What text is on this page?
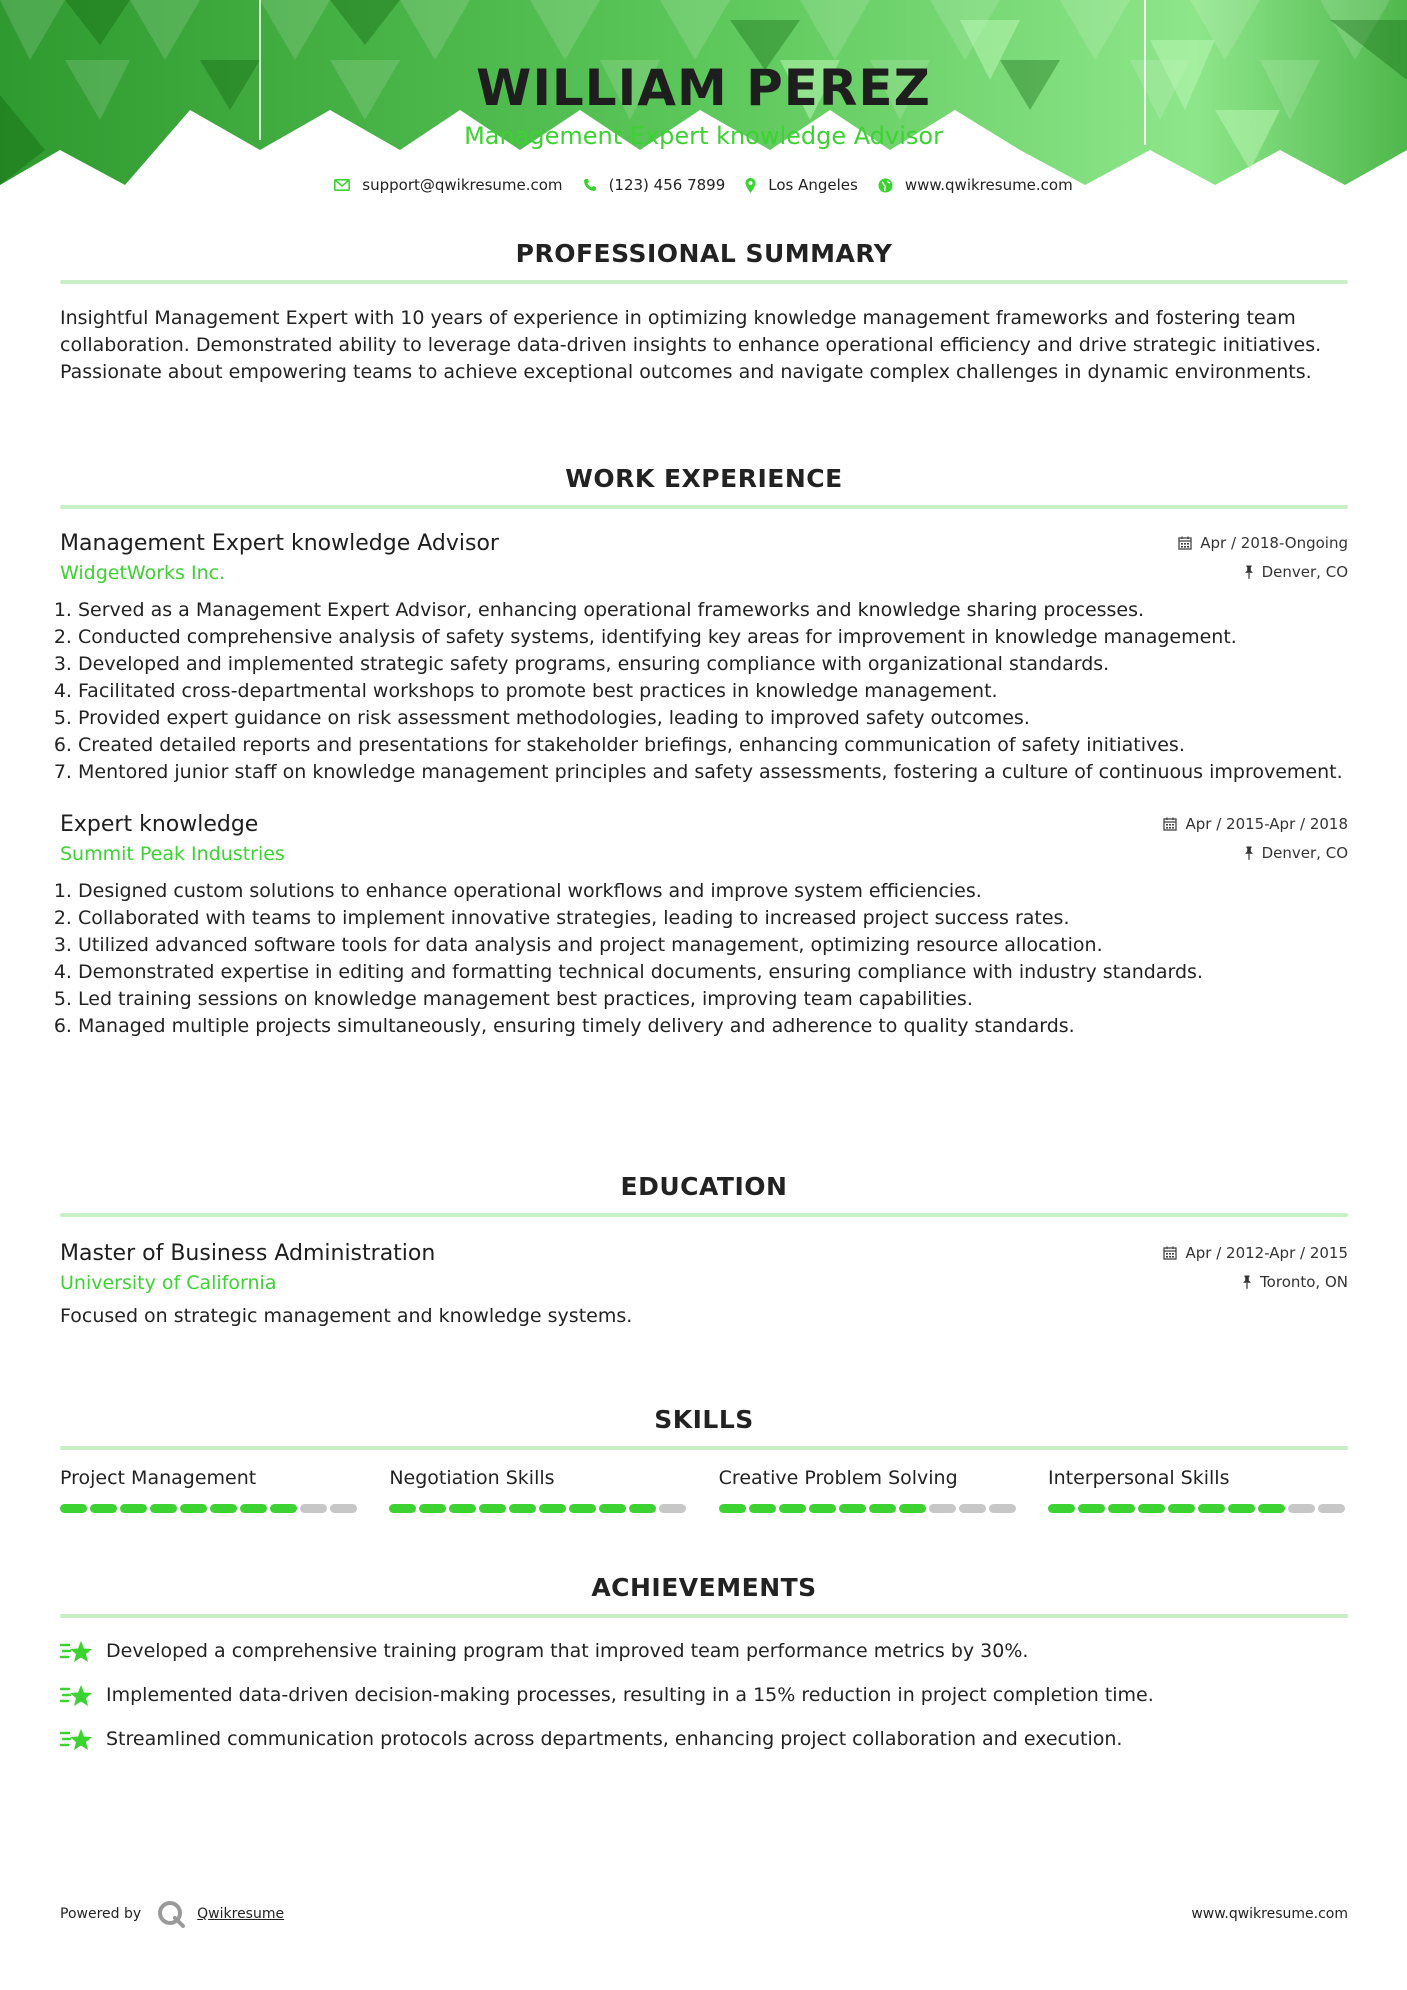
WILLIAM PEREZ
Management Expert knowledge Advisor
support@qwikresume.com	(123) 456 7899	Los Angeles	www.qwikresume.com
PROFESSIONAL SUMMARY

Insightful Management Expert with 10 years of experience in optimizing knowledge management frameworks and fostering team collaboration. Demonstrated ability to leverage data-driven insights to enhance operational efficiency and drive strategic initiatives. Passionate about empowering teams to achieve exceptional outcomes and navigate complex challenges in dynamic environments.

WORK EXPERIENCE
Management Expert knowledge Advisor	Apr / 2018-Ongoing
WidgetWorks Inc.	Denver, CO
1. Served as a Management Expert Advisor, enhancing operational frameworks and knowledge sharing processes.
2. Conducted comprehensive analysis of safety systems, identifying key areas for improvement in knowledge management.
3. Developed and implemented strategic safety programs, ensuring compliance with organizational standards.
4. Facilitated cross-departmental workshops to promote best practices in knowledge management.
5. Provided expert guidance on risk assessment methodologies, leading to improved safety outcomes.
6. Created detailed reports and presentations for stakeholder briefings, enhancing communication of safety initiatives.
7. Mentored junior staff on knowledge management principles and safety assessments, fostering a culture of continuous improvement.
Expert knowledge	Apr / 2015-Apr / 2018
Summit Peak Industries	Denver, CO
1. Designed custom solutions to enhance operational workflows and improve system efficiencies.
2. Collaborated with teams to implement innovative strategies, leading to increased project success rates.
3. Utilized advanced software tools for data analysis and project management, optimizing resource allocation.
4. Demonstrated expertise in editing and formatting technical documents, ensuring compliance with industry standards.
5. Led training sessions on knowledge management best practices, improving team capabilities.
6. Managed multiple projects simultaneously, ensuring timely delivery and adherence to quality standards.
EDUCATION
Master of Business Administration	Apr / 2012-Apr / 2015
University of California	Toronto, ON

Focused on strategic management and knowledge systems.

SKILLS
Project Management	Negotiation Skills	Creative Problem Solving	Interpersonal Skills
ACHIEVEMENTS
Developed a comprehensive training program that improved team performance metrics by 30%.
Implemented data-driven decision-making processes, resulting in a 15% reduction in project completion time.
Streamlined communication protocols across departments, enhancing project collaboration and execution.
Powered by	Qwikresume	www.qwikresume.com
